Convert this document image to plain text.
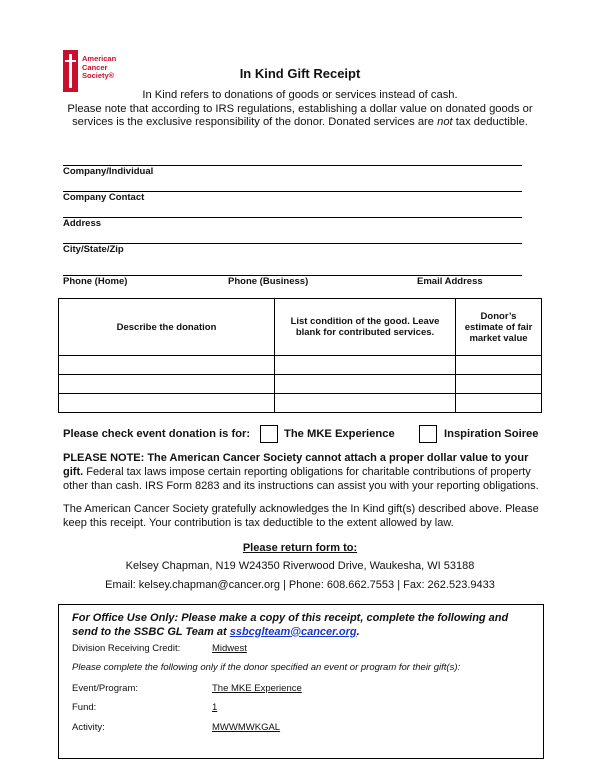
American
Cancer
Society®	In Kind Gift Receipt
In Kind refers to donations of goods or services instead of cash.
Please note that according to IRS regulations, establishing a dollar value on donated goods or
services is the exclusive responsibility of the donor. Donated services are not tax deductible.
Company/Individual
Company Contact
Address
City/State/Zip
Phone (Home)	Phone (Business)	Email Address
Describe the donation	List condition of the good. Leave blank for contributed services.	Donor’s estimate of fair market value

Please check event donation is for:	The MKE Experience	Inspiration Soiree
PLEASE NOTE: The American Cancer Society cannot attach a proper dollar value to your gift. Federal tax laws impose certain reporting obligations for charitable contributions of property other than cash. IRS Form 8283 and its instructions can assist you with your reporting obligations.
The American Cancer Society gratefully acknowledges the In Kind gift(s) described above. Please keep this receipt. Your contribution is tax deductible to the extent allowed by law.
Please return form to:
Kelsey Chapman, N19 W24350 Riverwood Drive, Waukesha, WI 53188
Email: kelsey.chapman@cancer.org | Phone: 608.662.7553 | Fax: 262.523.9433
For Office Use Only: Please make a copy of this receipt, complete the following and send to the SSBC GL Team at ssbcglteam@cancer.org.
Division Receiving Credit:	Midwest
Please complete the following only if the donor specified an event or program for their gift(s):
Event/Program:	The MKE Experience
Fund:	1
Activity:	MWWMWKGAL
